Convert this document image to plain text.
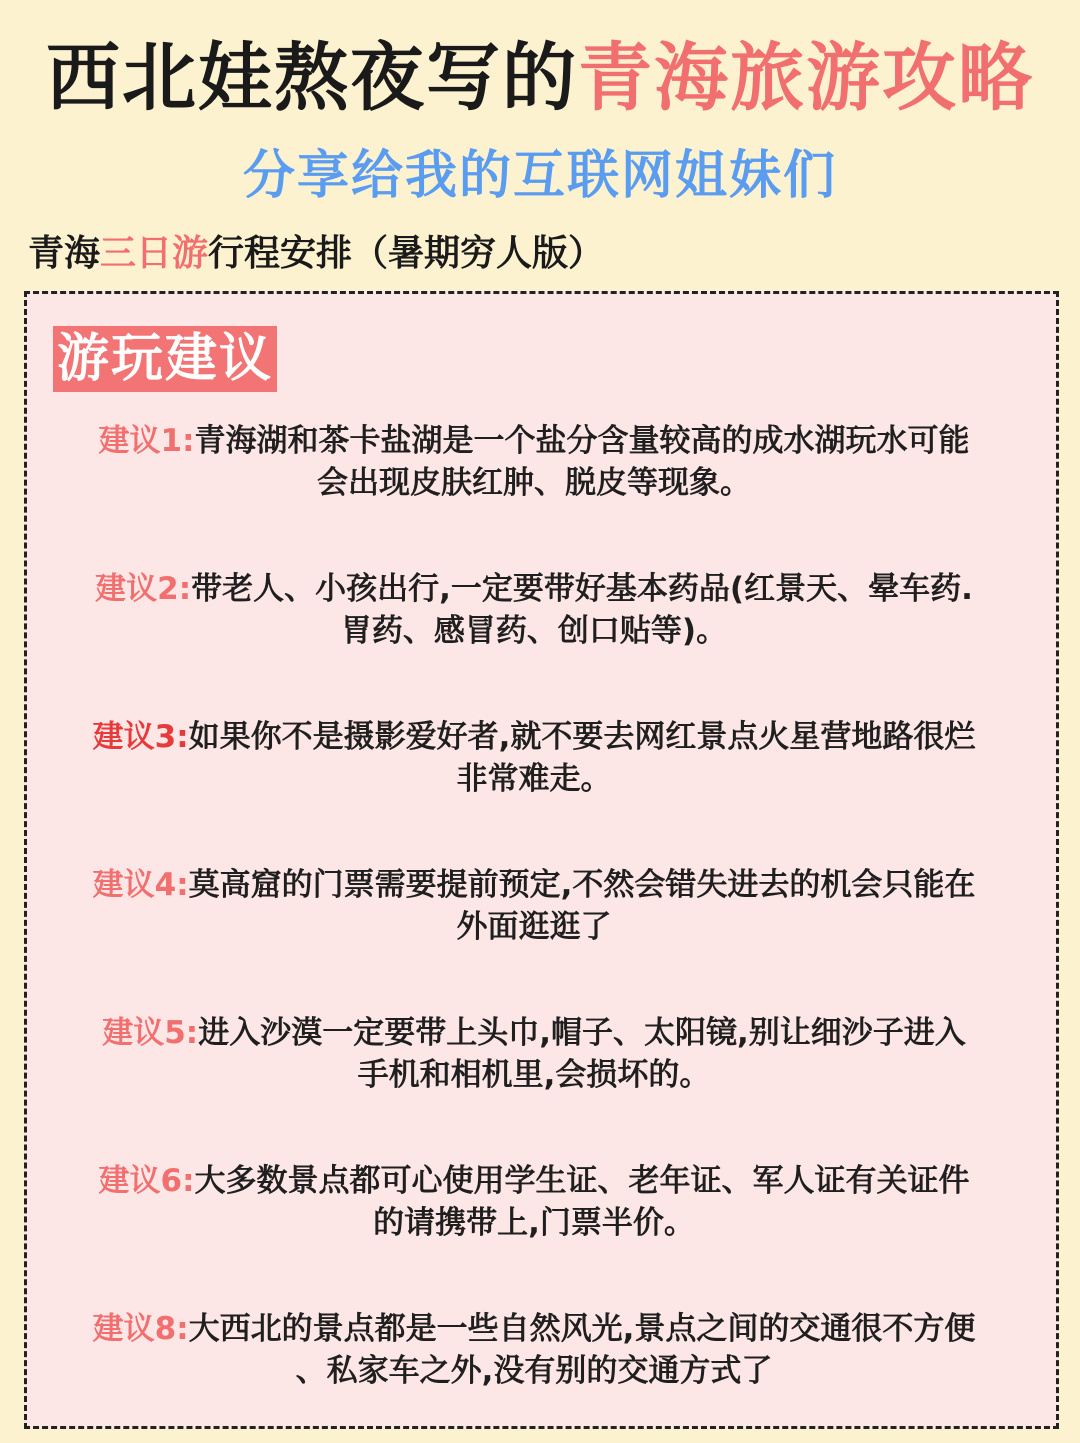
西北娃熬夜写的青海旅游攻略
分享给我的互联网姐妹们
青海三日游行程安排（暑期穷人版）
游玩建议
建议1:青海湖和茶卡盐湖是一个盐分含量较高的成水湖玩水可能
会出现皮肤红肿、脱皮等现象。
建议2:带老人、小孩出行,一定要带好基本药品(红景天、晕车药.
胃药、感冒药、创口贴等)。
建议3:如果你不是摄影爱好者,就不要去网红景点火星营地路很烂
非常难走。
建议4:莫高窟的门票需要提前预定,不然会错失进去的机会只能在
外面逛逛了
建议5:进入沙漠一定要带上头巾,帽子、太阳镜,别让细沙子进入
手机和相机里,会损坏的。
建议6:大多数景点都可心使用学生证、老年证、军人证有关证件
的请携带上,门票半价。
建议8:大西北的景点都是一些自然风光,景点之间的交通很不方便
、私家车之外,没有别的交通方式了
